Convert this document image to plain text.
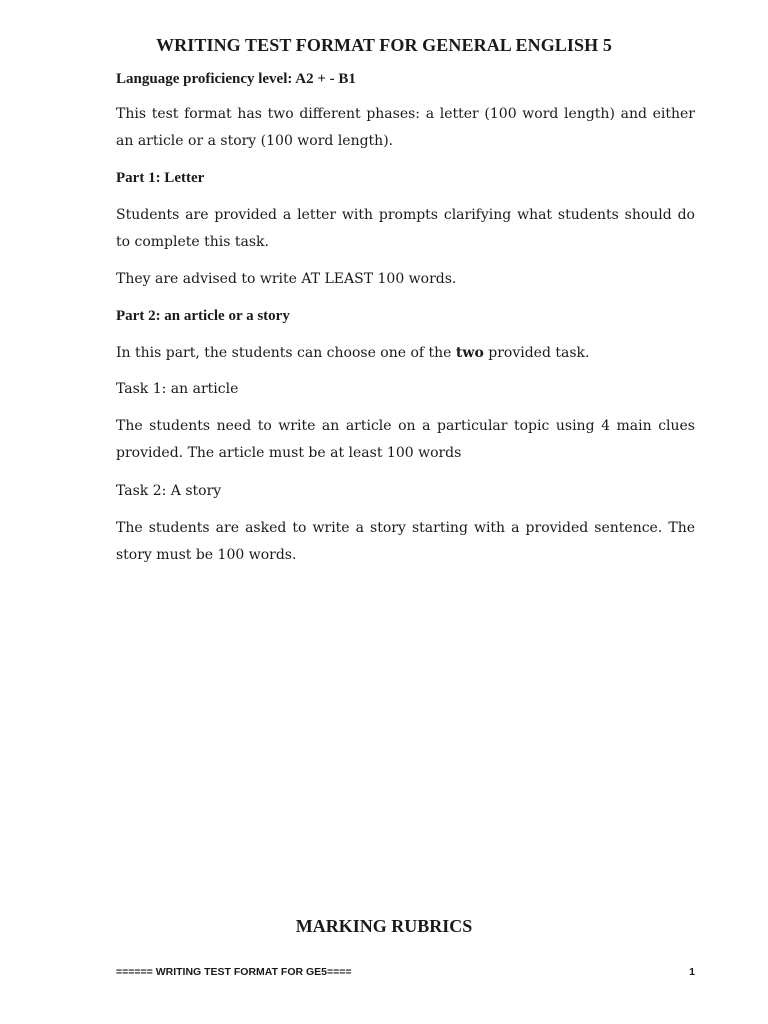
WRITING TEST FORMAT FOR GENERAL ENGLISH 5
Language proficiency level: A2 + - B1
This test format has two different phases: a letter (100 word length) and either an article or a story (100 word length).
Part 1: Letter
Students are provided a letter with prompts clarifying what students should do to complete this task.
They are advised to write AT LEAST 100 words.
Part 2: an article or a story
In this part, the students can choose one of the two provided task.
Task 1: an article
The students need to write an article on a particular topic using 4 main clues provided. The article must be at least 100 words
Task 2: A story
The students are asked to write a story starting with a provided sentence. The story must be 100 words.
MARKING RUBRICS
====== WRITING TEST FORMAT FOR GE5====	1
